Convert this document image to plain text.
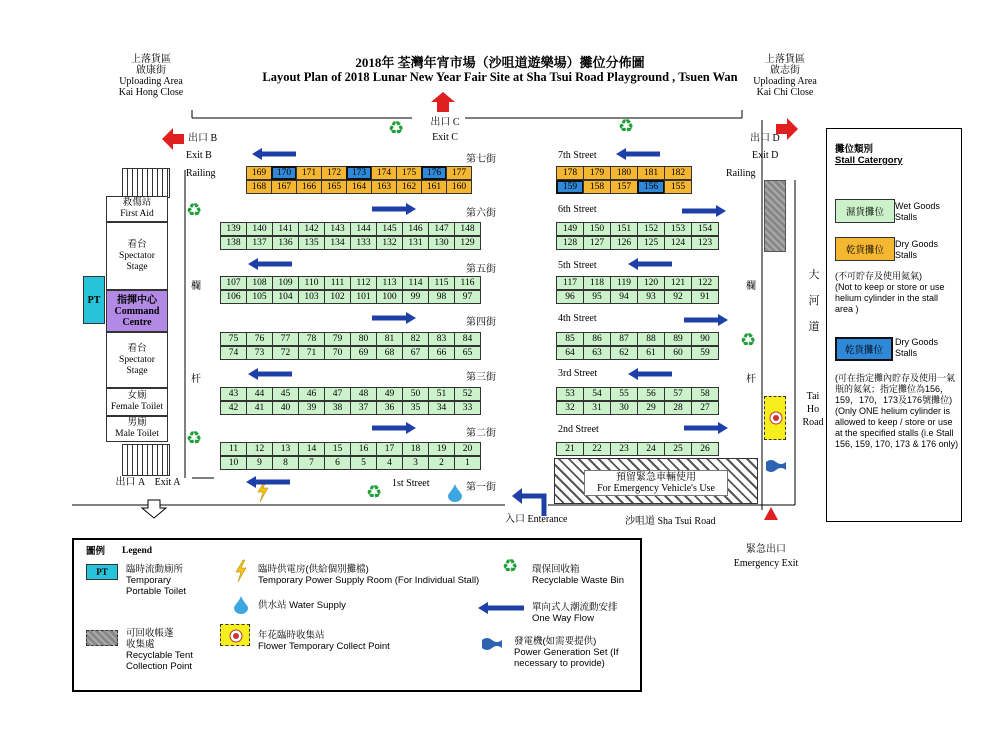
2018年 荃灣年宵市場（沙咀道遊樂場）攤位分佈圖
Layout Plan of 2018 Lunar New Year Fair Site at Sha Tsui Road Playground , Tsuen Wan
上落貨區
啟康街
Uploading Area
Kai Hong Close
上落貨區
啟志街
Uploading Area
Kai Chi Close
出口 C
Exit C
出口 B
Exit B
出口 D
Exit D
出口 A　Exit A
入口 Enterance	沙咀道 Sha Tsui Road
緊急出口
Emergency Exit
♻	♻
♻
♻
♻
♻
Railing	Railing
欄
杆
欄
杆
救傷站
First Aid
看台
Spectator
Stage
指揮中心
Command
Centre
看台
Spectator
Stage
女廁
Female Toilet
男廁
Male Toilet
PT
第七街	7th Street
第六街	6th Street
第五街	5th Street
第四街	4th Street
第三街	3rd Street
第二街	2nd Street
1st Street	第一街
169	170	171	172	173	174	175	176	177
168	167	166	165	164	163	162	161	160
178	179	180	181	182
159	158	157	156	155
139	140	141	142	143	144	145	146	147	148
138	137	136	135	134	133	132	131	130	129
149	150	151	152	153	154
128	127	126	125	124	123
107	108	109	110	111	112	113	114	115	116
106	105	104	103	102	101	100	99	98	97
117	118	119	120	121	122
96	95	94	93	92	91
75	76	77	78	79	80	81	82	83	84
74	73	72	71	70	69	68	67	66	65
85	86	87	88	89	90
64	63	62	61	60	59
43	44	45	46	47	48	49	50	51	52
42	41	40	39	38	37	36	35	34	33
53	54	55	56	57	58
32	31	30	29	28	27
11	12	13	14	15	16	17	18	19	20
10	9	8	7	6	5	4	3	2	1
21	22	23	24	25	26
預留緊急車輛使用
For Emergency Vehicle's Use
大
河
道
Tai
Ho
Road
攤位類別
Stall Catergory
濕貨攤位
Wet Goods
Stalls
乾貨攤位
Dry Goods
Stalls
(不可貯存及使用氦氣)
(Not to keep or store or use helium cylinder in the stall area )
乾貨攤位
Dry Goods
Stalls
(可在指定攤內貯存及使用一氣瓶的氦氣；指定攤位為156，159，170，173及176號攤位)
(Only ONE helium cylinder is allowed to keep / store or use at the specified stalls (i.e Stall 156, 159, 170, 173 & 176 only)
圖例 Legend
PT	臨時流動廁所
Temporary
Portable Toilet
臨時供電房(供給個別攤檔)
Temporary Power Supply Room (For Individual Stall)
♻ 環保回收箱
Recyclable Waste Bin
可回收帳蓬
收集處
Recyclable Tent
Collection Point
供水站 Water Supply	單向式人潮流動安排
One Way Flow
年花臨時收集站
Flower Temporary Collect Point	發電機(如需要提供)
Power Generation Set (If
necessary to provide)
